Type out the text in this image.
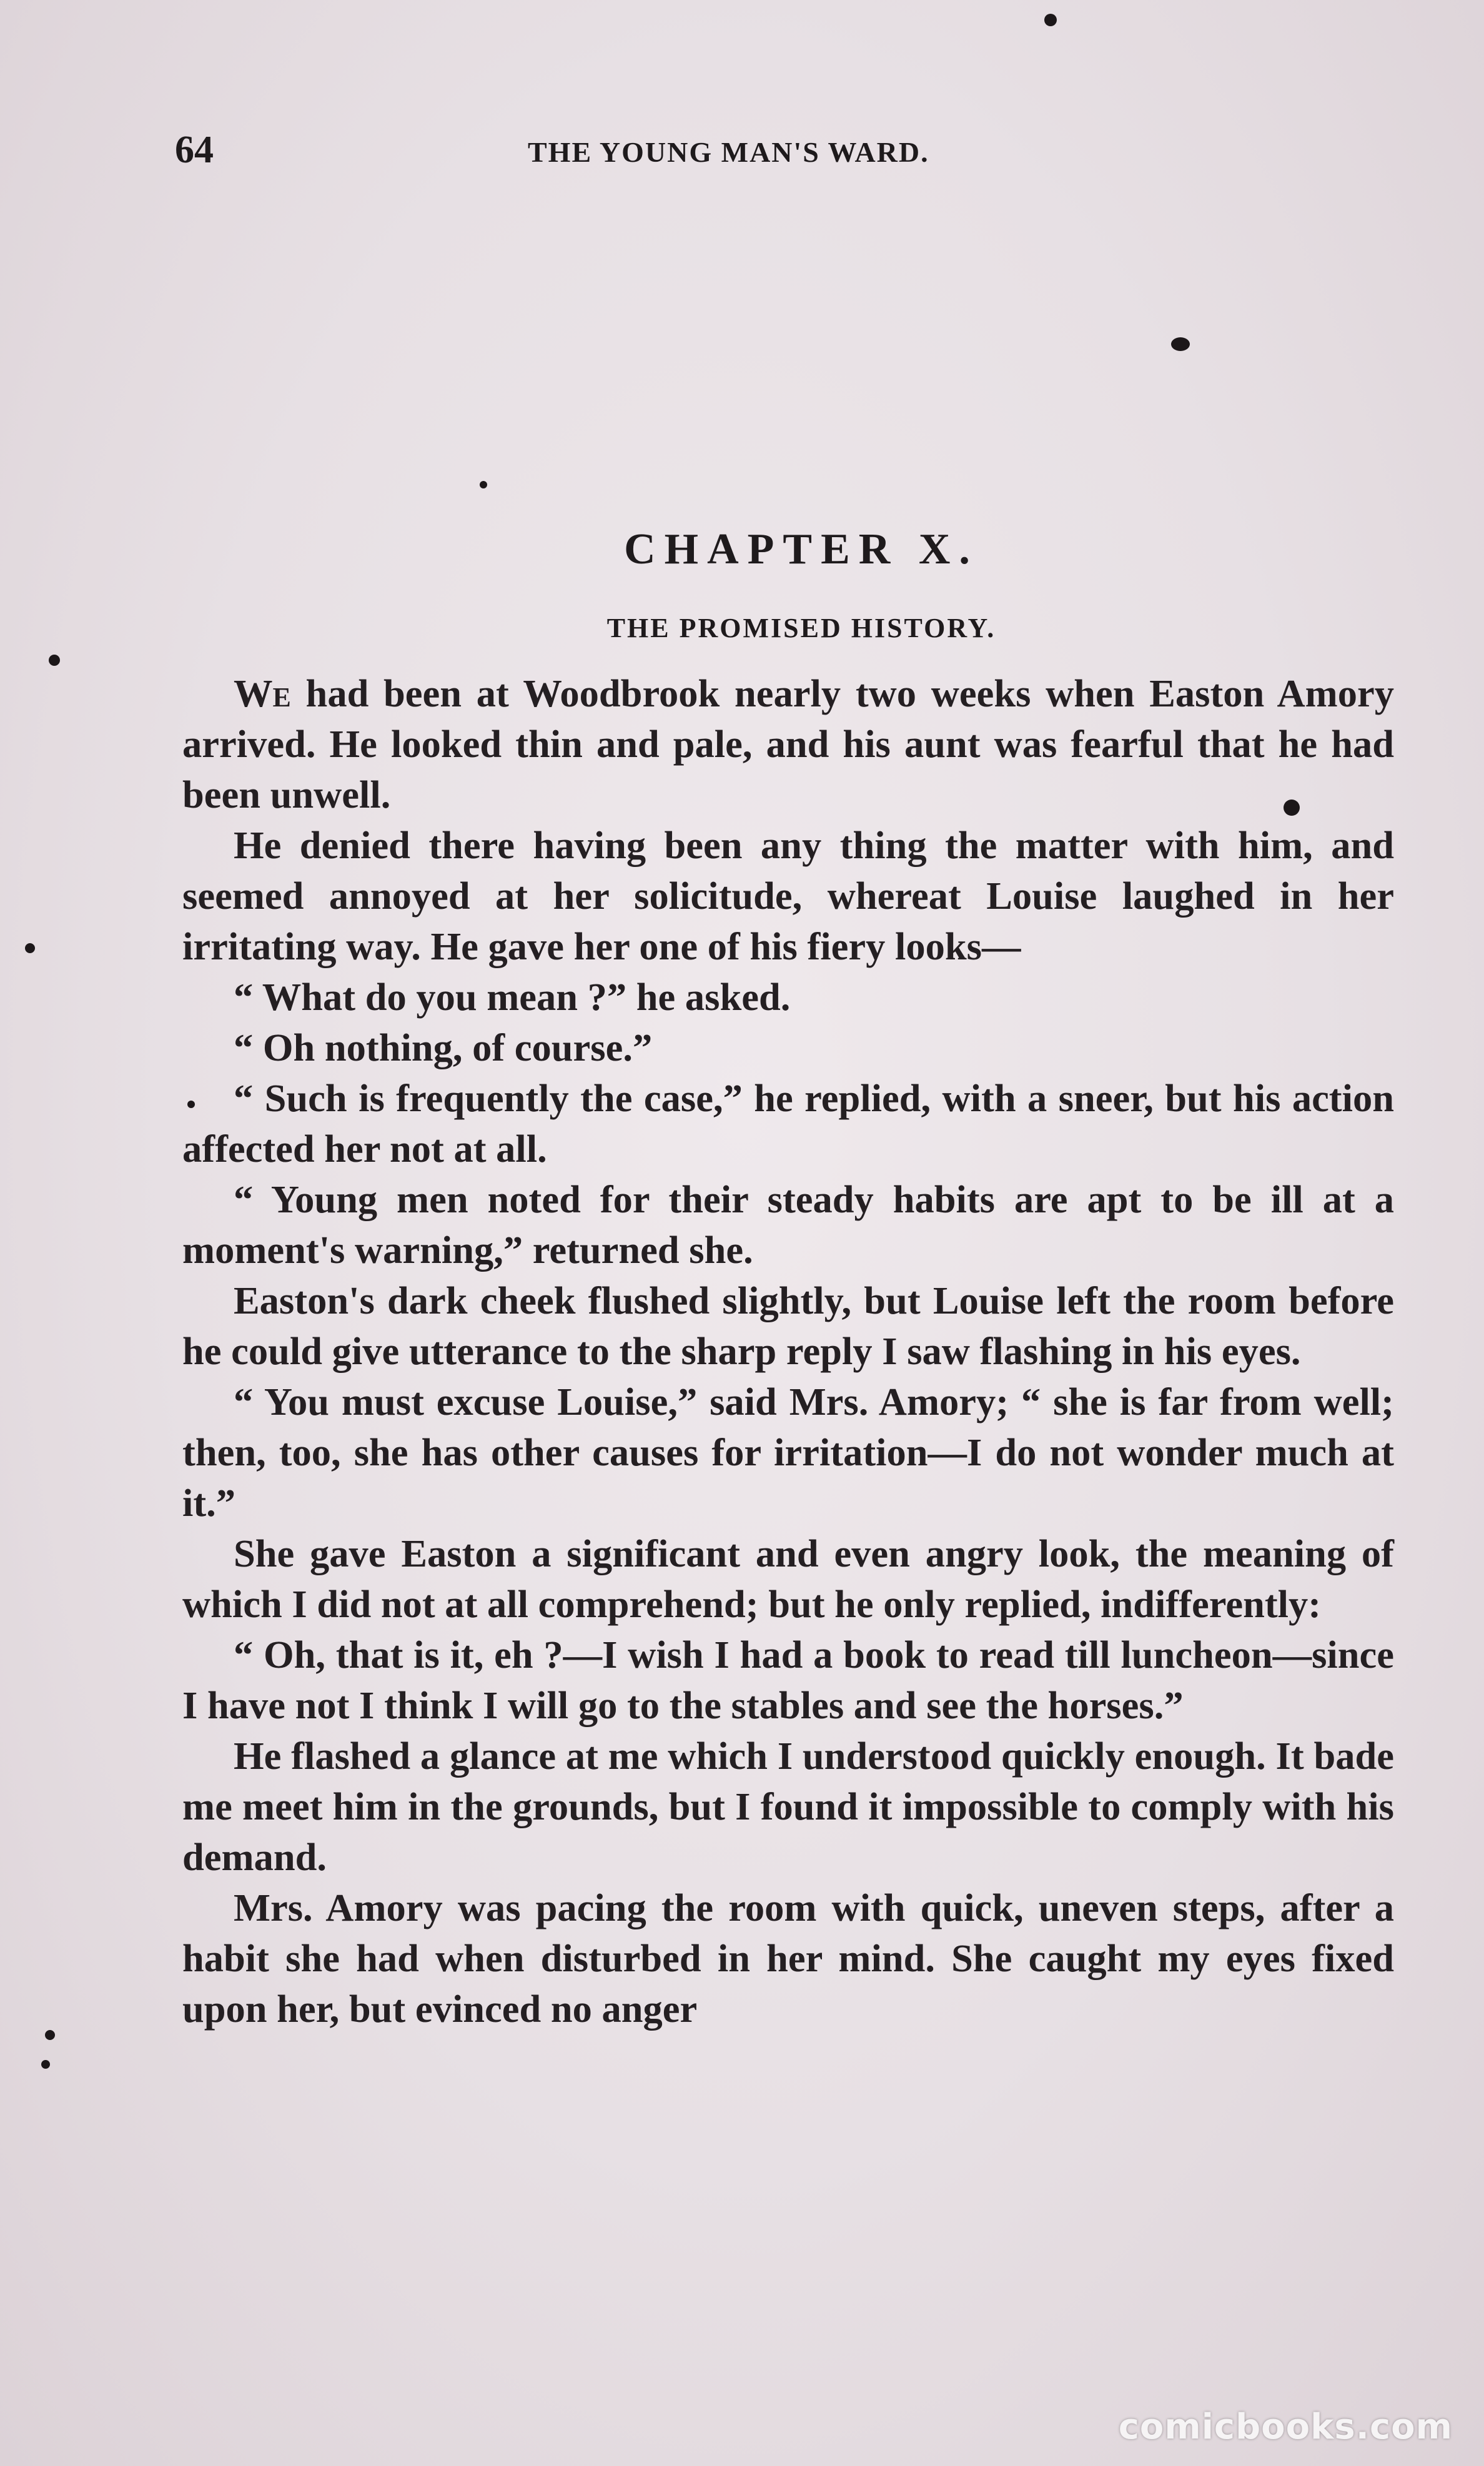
64	THE YOUNG MAN'S WARD.
CHAPTER X.
THE PROMISED HISTORY.

We had been at Woodbrook nearly two weeks when Easton Amory arrived. He looked thin and pale, and his aunt was fearful that he had been unwell.

He denied there having been any thing the matter with him, and seemed annoyed at her solicitude, whereat Louise laughed in her irritating way. He gave her one of his fiery looks—

“ What do you mean ?” he asked.

“ Oh nothing, of course.”

“ Such is frequently the case,” he replied, with a sneer, but his action affected her not at all.

“ Young men noted for their steady habits are apt to be ill at a moment's warning,” returned she.

Easton's dark cheek flushed slightly, but Louise left the room before he could give utterance to the sharp reply I saw flashing in his eyes.

“ You must excuse Louise,” said Mrs. Amory; “ she is far from well; then, too, she has other causes for irritation—I do not wonder much at it.”

She gave Easton a significant and even angry look, the meaning of which I did not at all comprehend; but he only replied, indifferently:

“ Oh, that is it, eh ?—I wish I had a book to read till luncheon—since I have not I think I will go to the stables and see the horses.”

He flashed a glance at me which I understood quickly enough. It bade me meet him in the grounds, but I found it impossible to comply with his demand.

Mrs. Amory was pacing the room with quick, uneven steps, after a habit she had when disturbed in her mind. She caught my eyes fixed upon her, but evinced no anger

comicbooks.com
